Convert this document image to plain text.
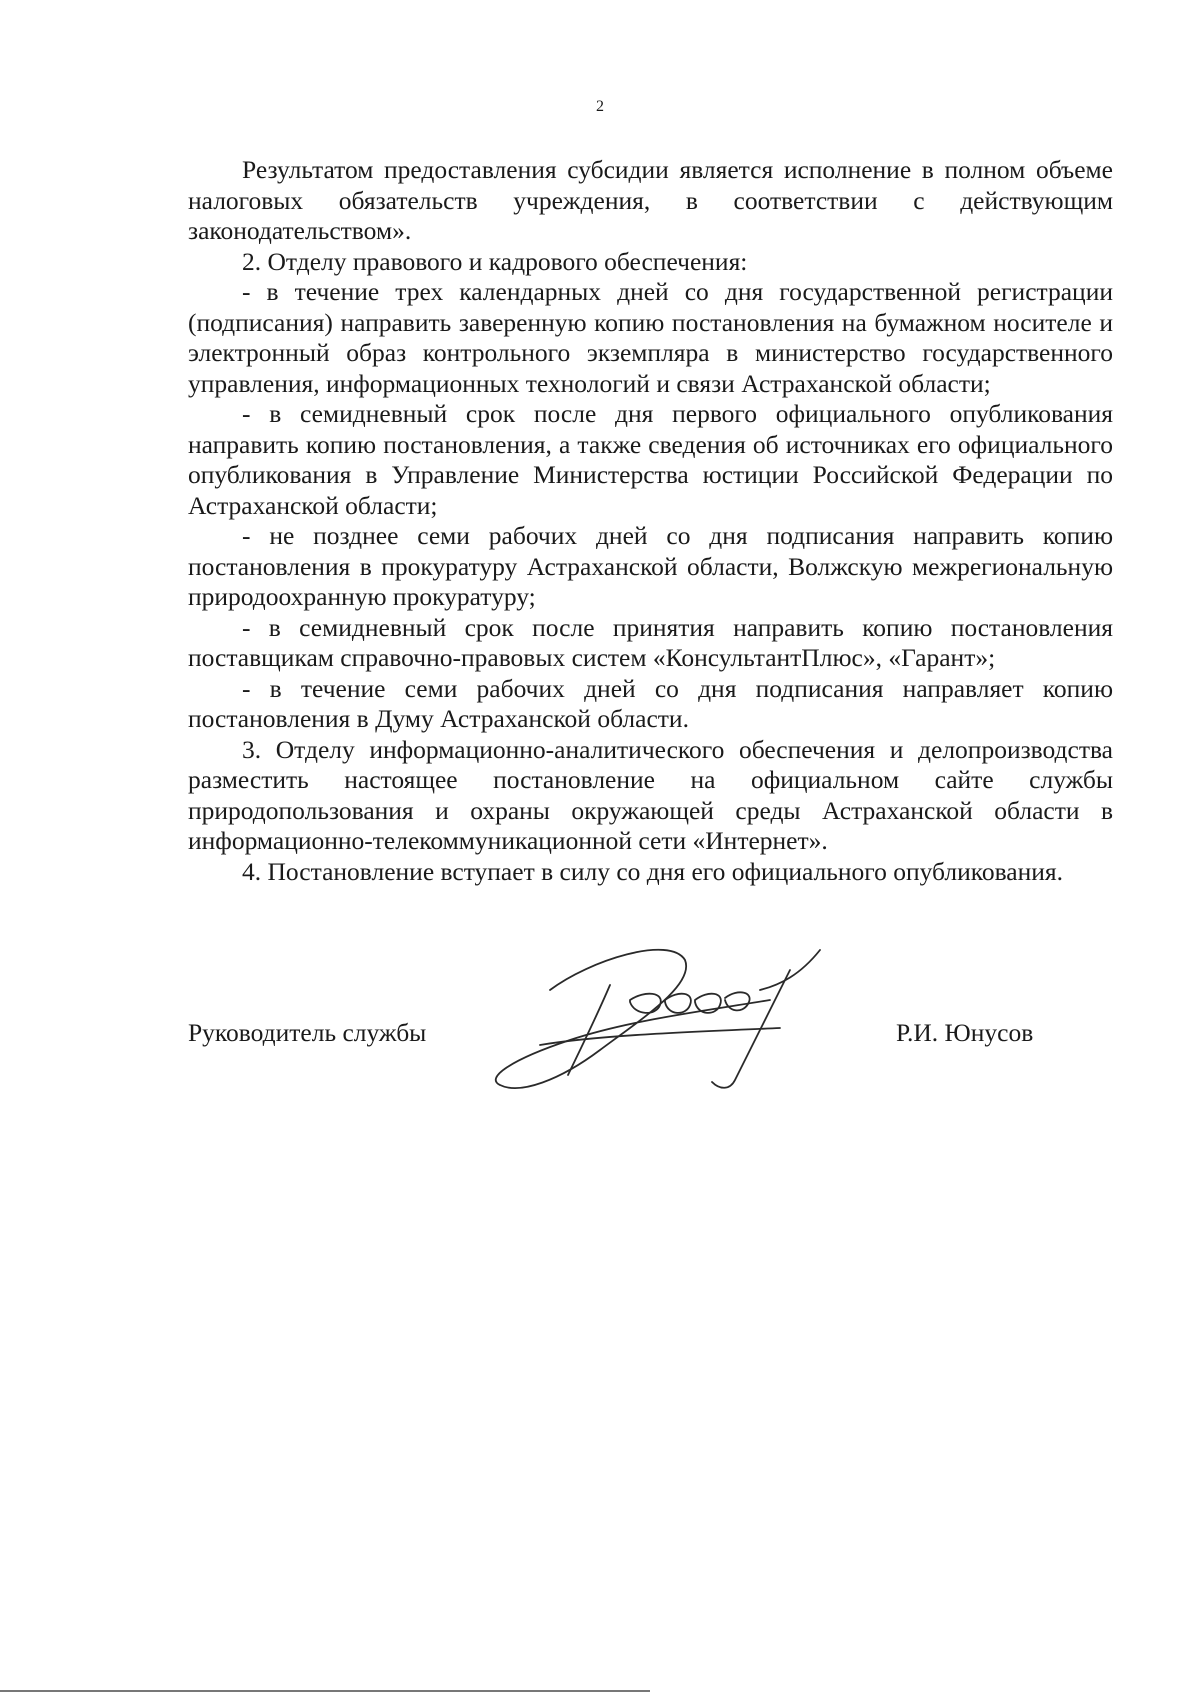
2

Результатом предоставления субсидии является исполнение в полном объеме налоговых обязательств учреждения, в соответствии с действующим законодательством».

2. Отделу правового и кадрового обеспечения:

- в течение трех календарных дней со дня государственной регистрации (подписания) направить заверенную копию постановления на бумажном носителе и электронный образ контрольного экземпляра в министерство государственного управления, информационных технологий и связи Астраханской области;

- в семидневный срок после дня первого официального опубликования направить копию постановления, а также сведения об источниках его официального опубликования в Управление Министерства юстиции Российской Федерации по Астраханской области;

- не позднее семи рабочих дней со дня подписания направить копию постановления в прокуратуру Астраханской области, Волжскую межрегиональную природоохранную прокуратуру;

- в семидневный срок после принятия направить копию постановления поставщикам справочно-правовых систем «КонсультантПлюс», «Гарант»;

- в течение семи рабочих дней со дня подписания направляет копию постановления в Думу Астраханской области.

3. Отделу информационно-аналитического обеспечения и делопроизводства разместить настоящее постановление на официальном сайте службы природопользования и охраны окружающей среды Астраханской области в информационно-телекоммуникационной сети «Интернет».

4. Постановление вступает в силу со дня его официального опубликования.

Руководитель службы	Р.И. Юнусов
